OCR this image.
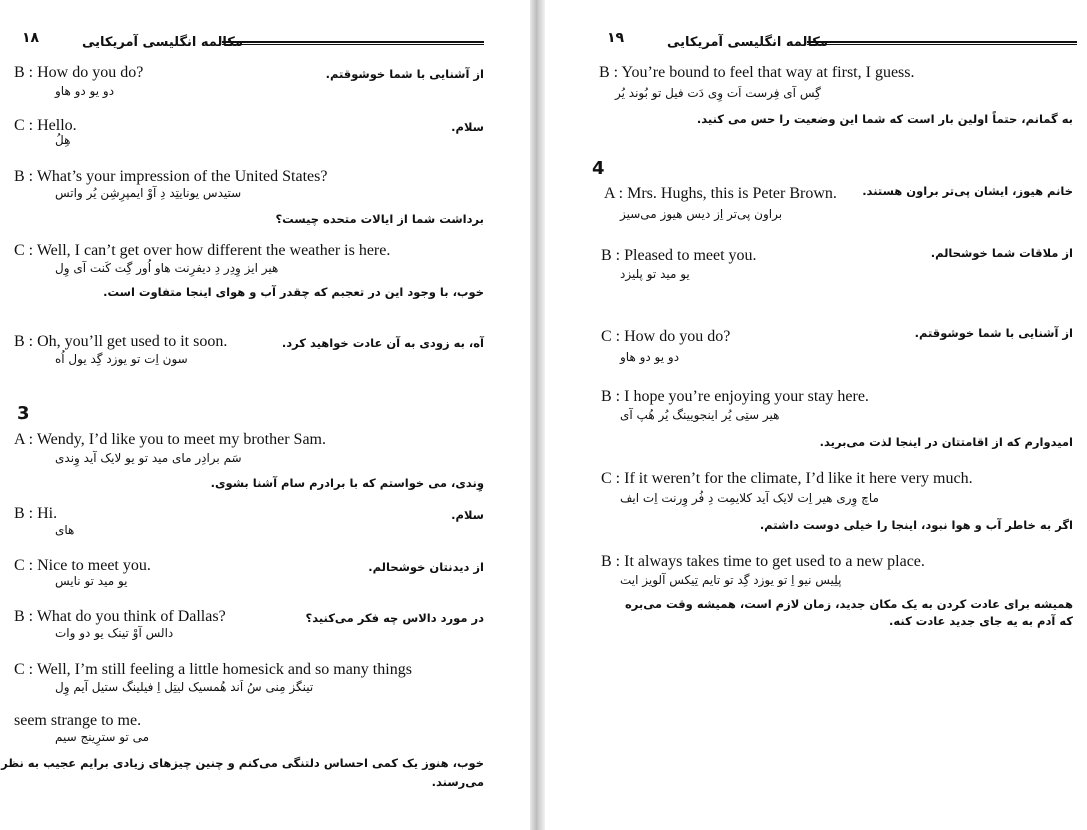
۱۸	مکالمه انگلیسی آمریکایی
B : How do you do?	از آشنایی با شما خوشوقتم.
دو یو دو هاو
C : Hello.	سلام.
هِلُ
B : What’s your impression of the United States?
ستیدس یونایتِد دِ آوْ ایمپرِشِن یُر واتس
برداشت شما از ایالات متحده چیست؟
C : Well, I can’t get over how different the weather is here.
هیر ایز وِدِر دِ دیفرِنت هاو اُور گِت کَنت آی وِل
خوب، با وجود این در تعجبم که چقدر آب و هوای اینجا متفاوت است.
B : Oh, you’ll get used to it soon.	آه، به زودی به آن عادت خواهید کرد.
سون اِت تو یوزد گِد یول اُه
3
A : Wendy, I’d like you to meet my brother Sam.
سَم برادِر مای مید تو یو لایک آید وِندی
وِندی، می خواستم که با برادرم سام آشنا بشوی.
B : Hi.	سلام.
های
C : Nice to meet you.	از دیدنتان خوشحالم.
یو مید تو نایس
B : What do you think of Dallas?	در مورد دالاس چه فکر می‌کنید؟
دالس آوْ تینک یو دو وات
C : Well, I’m still feeling a little homesick and so many things
تینگز مِنی سُ اَند هُمسیک لیتِل اِ فیلینگ ستیل آیم وِل
seem strange to me.
می تو سترِینج سیم
خوب، هنوز یک کمی احساس دلتنگی می‌کنم و چنین چیزهای زیادی برایم عجیب به نظر
می‌رسند.
۱۹	مکالمه انگلیسی آمریکایی
B : You’re bound to feel that way at first, I guess.
گِس آی فِرست اَت وِی دَت فیل تو بُوند یُر
به گمانم، حتماً اولین بار است که شما این وضعیت را حس می کنید.
4
A : Mrs. Hughs, this is Peter Brown.	خانم هیوز، ایشان پی‌تر براون هستند.
براون پی‌تر اِز دیس هیوز می‌سیز
B : Pleased to meet you.	از ملاقات شما خوشحالم.
یو مید تو پلیزد
C : How do you do?	از آشنایی با شما خوشوقتم.
دو یو دو هاو
B : I hope you’re enjoying your stay here.
هیر ستِی یُر اینجویینگ یُر هُپ آی
امیدوارم که از اقامتتان در اینجا لذت می‌برید.
C : If it weren’t for the climate, I’d like it here very much.
ماچ وِری هیر اِت لایک آید کلایمِت دِ فُر وِرنت اِت ایف
اگر به خاطر آب و هوا نبود، اینجا را خیلی دوست داشتم.
B : It always takes time to get used to a new place.
پلِیس نیو اِ تو یوزد گِد تو تایم تِیکس آلویز ایت
همیشه برای عادت کردن به یک مکان جدید، زمان لازم است، همیشه وقت می‌بره
که آدم به یه جای جدید عادت کنه.
